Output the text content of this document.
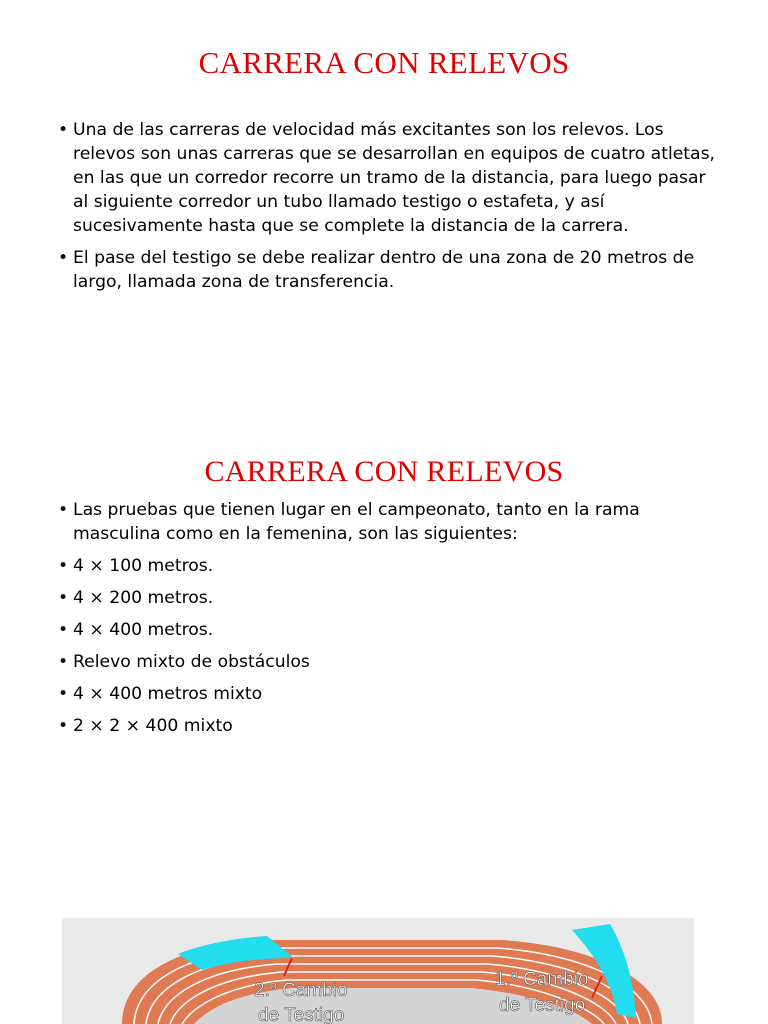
CARRERA CON RELEVOS
• Una de las carreras de velocidad más excitantes son los relevos. Los relevos son unas carreras que se desarrollan en equipos de cuatro atletas, en las que un corredor recorre un tramo de la distancia, para luego pasar al siguiente corredor un tubo llamado testigo o estafeta, y así sucesivamente hasta que se complete la distancia de la carrera.
• El pase del testigo se debe realizar dentro de una zona de 20 metros de largo, llamada zona de transferencia.
CARRERA CON RELEVOS
• Las pruebas que tienen lugar en el campeonato, tanto en la rama masculina como en la femenina, son las siguientes:
• 4 × 100 metros.
• 4 × 200 metros.
• 4 × 400 metros.
• Relevo mixto de obstáculos
• 4 × 400 metros mixto
• 2 × 2 × 400 mixto
2.º Cambio
de Testigo
1.º Cambio
de Testigo
